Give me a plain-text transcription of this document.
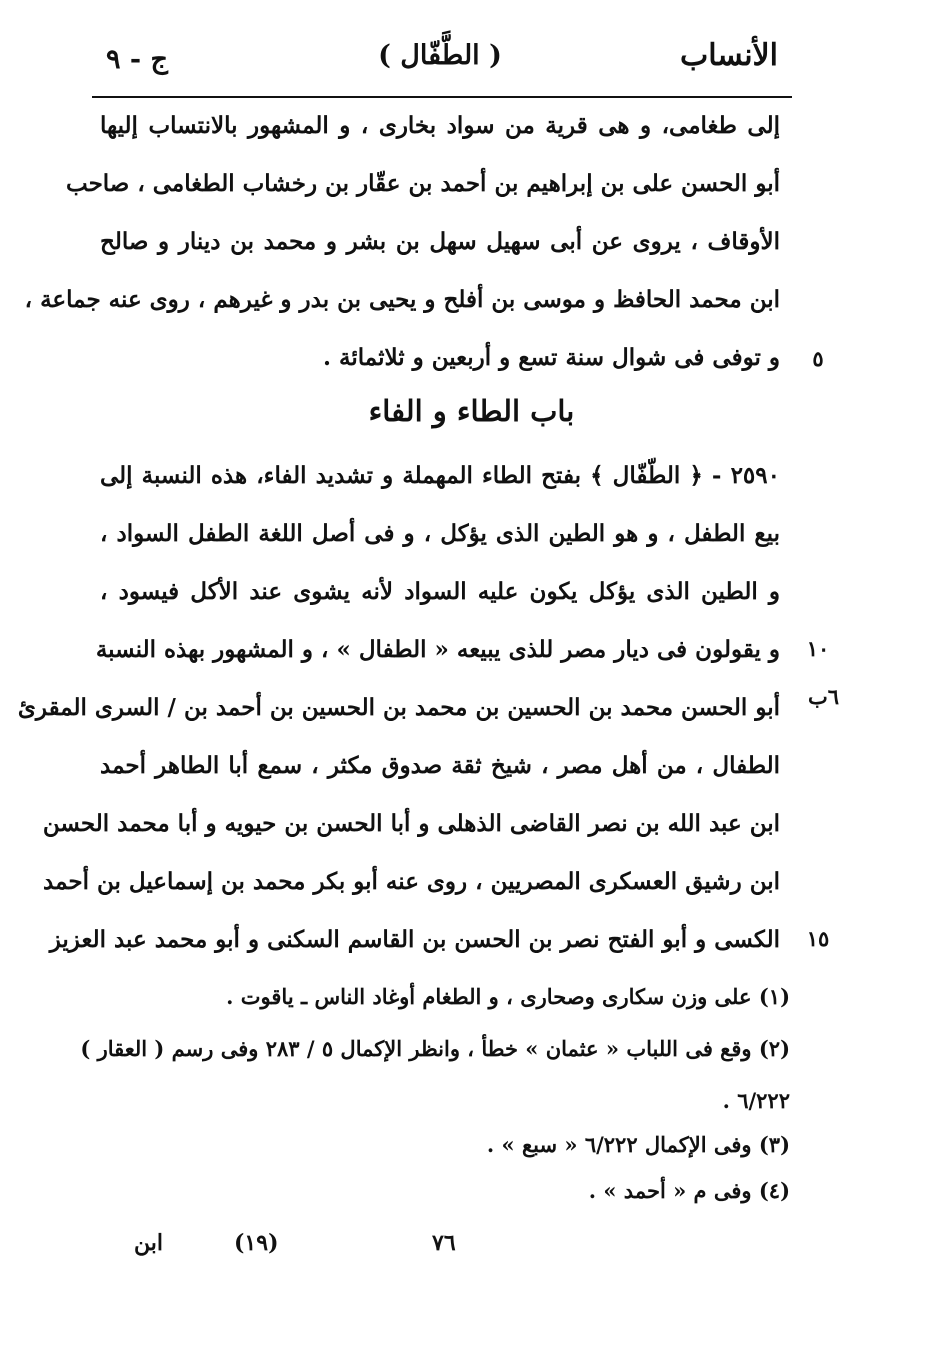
الأنساب
( الطَّفّال )
ج - ٩
إلى طغامى، و هى قرية من سواد بخارى ، و المشهور بالانتساب إليها
أبو الحسن على بن إبراهيم بن أحمد بن عقّار بن رخشاب الطغامى ، صاحب
الأوقاف ، يروى عن أبى سهيل سهل بن بشر و محمد بن دينار و صالح
ابن محمد الحافظ و موسى بن أفلح و يحيى بن بدر و غيرهم ، روى عنه جماعة ،
و توفى فى شوال سنة تسع و أربعين و ثلاثمائة .	٥
باب الطاء و الفاء
٢٥٩٠ - ﴿ الطّفّال ﴾ بفتح الطاء المهملة و تشديد الفاء، هذه النسبة إلى
بيع الطفل ، و هو الطين الذى يؤكل ، و فى أصل اللغة الطفل السواد ،
و الطين الذى يؤكل يكون عليه السواد لأنه يشوى عند الأكل فيسود ،
و يقولون فى ديار مصر للذى يبيعه « الطفال » ، و المشهور بهذه النسبة
أبو الحسن محمد بن الحسين بن محمد بن الحسين بن أحمد بن / السرى المقرئ
الطفال ، من أهل مصر ، شيخ ثقة صدوق مكثر ، سمع أبا الطاهر أحمد
ابن عبد الله بن نصر القاضى الذهلى و أبا الحسن بن حيويه و أبا محمد الحسن
ابن رشيق العسكرى المصريين ، روى عنه أبو بكر محمد بن إسماعيل بن أحمد
الكسى و أبو الفتح نصر بن الحسن بن القاسم السكنى و أبو محمد عبد العزيز
١٠
٦ب
١٥
(١) على وزن سكارى وصحارى ، و الطغام أوغاد الناس ـ ياقوت .
(٢) وقع فى اللباب « عثمان » خطأ ، وانظر الإكمال ٥ / ٢٨٣ وفى رسم ( العقار )
٦/٢٢٢ .
(٣) وفى الإكمال ٦/٢٢٢ « سبع » .
(٤) وفى م « أحمد » .
٧٦
(١٩)
ابن
